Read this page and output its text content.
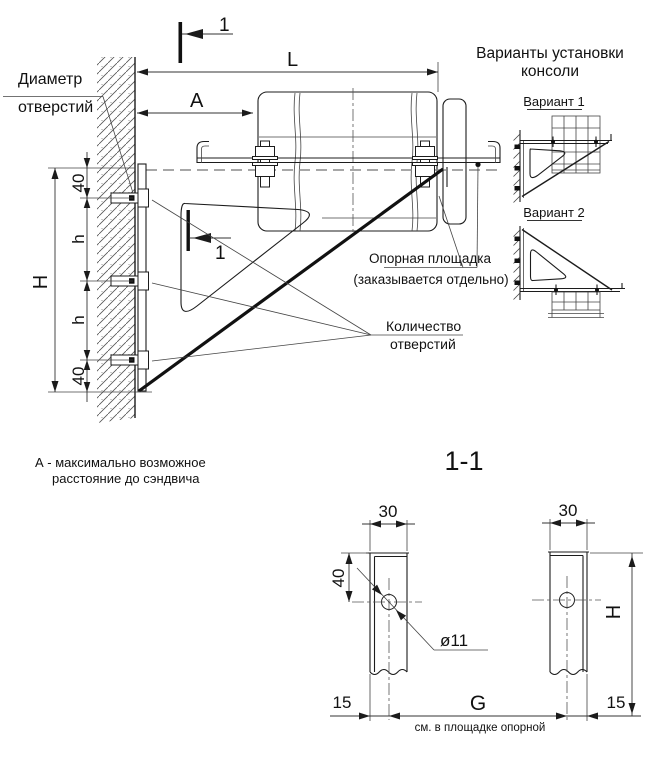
1
1
L
A
H
40
h
h
40
Диаметр
отверстий
Количество
отверстий
Опорная площадка
(заказывается отдельно)
А - максимально возможное
расстояние до сэндвича
Варианты установки
консоли
Вариант 1
Вариант 2
1-1
30	30
40
ø11
H
15	G	15
см. в площадке опорной
